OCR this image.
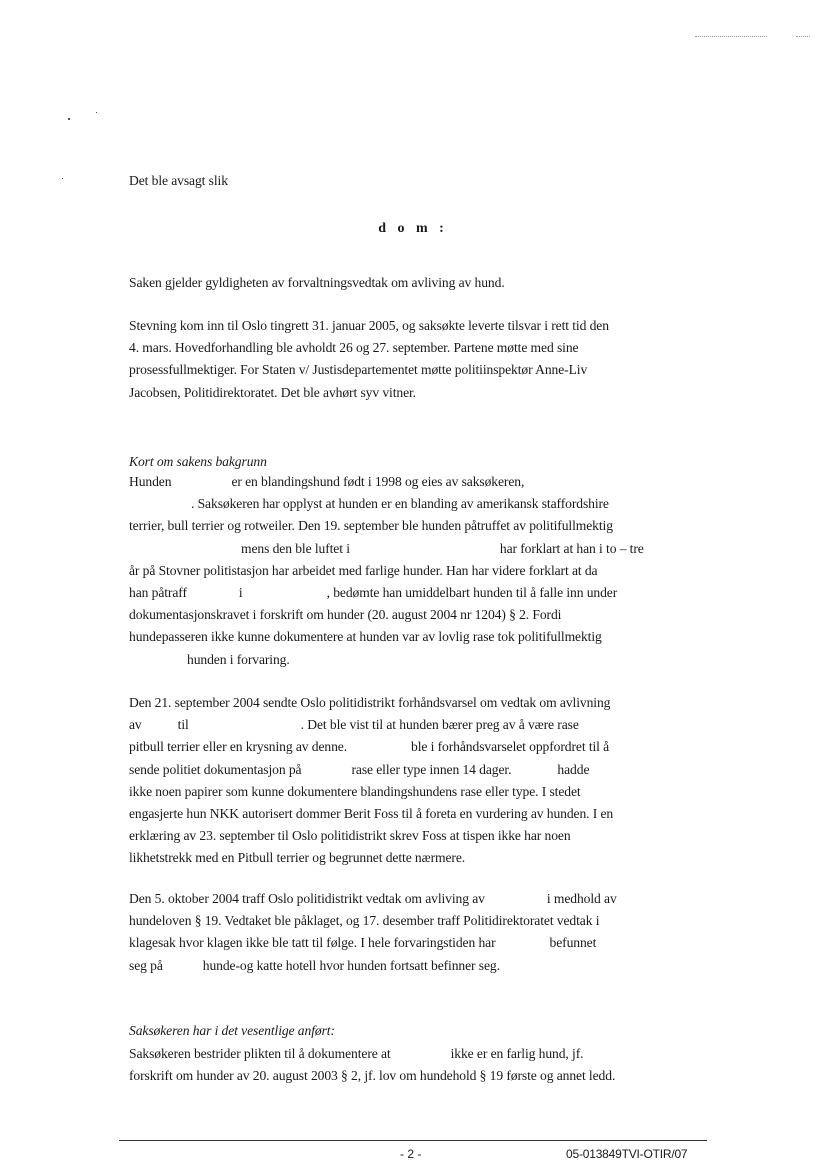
Det ble avsagt slik
d o m :
Saken gjelder gyldigheten av forvaltningsvedtak om avliving av hund.
Stevning kom inn til Oslo tingrett 31. januar 2005, og saksøkte leverte tilsvar i rett tid den
4. mars. Hovedforhandling ble avholdt 26 og 27. september. Partene møtte med sine
prosessfullmektiger. For Staten v/ Justisdepartementet møtte politiinspektør Anne-Liv
Jacobsen, Politidirektoratet. Det ble avhørt syv vitner.
Kort om sakens bakgrunn
Hunden	er en blandingshund født i 1998 og eies av saksøkeren,
. Saksøkeren har opplyst at hunden er en blanding av amerikansk staffordshire
terrier, bull terrier og rotweiler. Den 19. september ble hunden påtruffet av politifullmektig
mens den ble luftet i	har forklart at han i to – tre
år på Stovner politistasjon har arbeidet med farlige hunder. Han har videre forklart at da
han påtraff	i	, bedømte han umiddelbart hunden til å falle inn under
dokumentasjonskravet i forskrift om hunder (20. august 2004 nr 1204) § 2. Fordi
hundepasseren ikke kunne dokumentere at hunden var av lovlig rase tok politifullmektig
hunden i forvaring.
Den 21. september 2004 sendte Oslo politidistrikt forhåndsvarsel om vedtak om avlivning
av	til	. Det ble vist til at hunden bærer preg av å være rase
pitbull terrier eller en krysning av denne.	ble i forhåndsvarselet oppfordret til å
sende politiet dokumentasjon på	rase eller type innen 14 dager.	hadde
ikke noen papirer som kunne dokumentere blandingshundens rase eller type. I stedet
engasjerte hun NKK autorisert dommer Berit Foss til å foreta en vurdering av hunden. I en
erklæring av 23. september til Oslo politidistrikt skrev Foss at tispen ikke har noen
likhetstrekk med en Pitbull terrier og begrunnet dette nærmere.
Den 5. oktober 2004 traff Oslo politidistrikt vedtak om avliving av	i medhold av
hundeloven § 19. Vedtaket ble påklaget, og 17. desember traff Politidirektoratet vedtak i
klagesak hvor klagen ikke ble tatt til følge. I hele forvaringstiden har	befunnet
seg på	hunde-og katte hotell hvor hunden fortsatt befinner seg.
Saksøkeren har i det vesentlige anført:
Saksøkeren bestrider plikten til å dokumentere at	ikke er en farlig hund, jf.
forskrift om hunder av 20. august 2003 § 2, jf. lov om hundehold § 19 første og annet ledd.
- 2 -	05-013849TVI-OTIR/07
